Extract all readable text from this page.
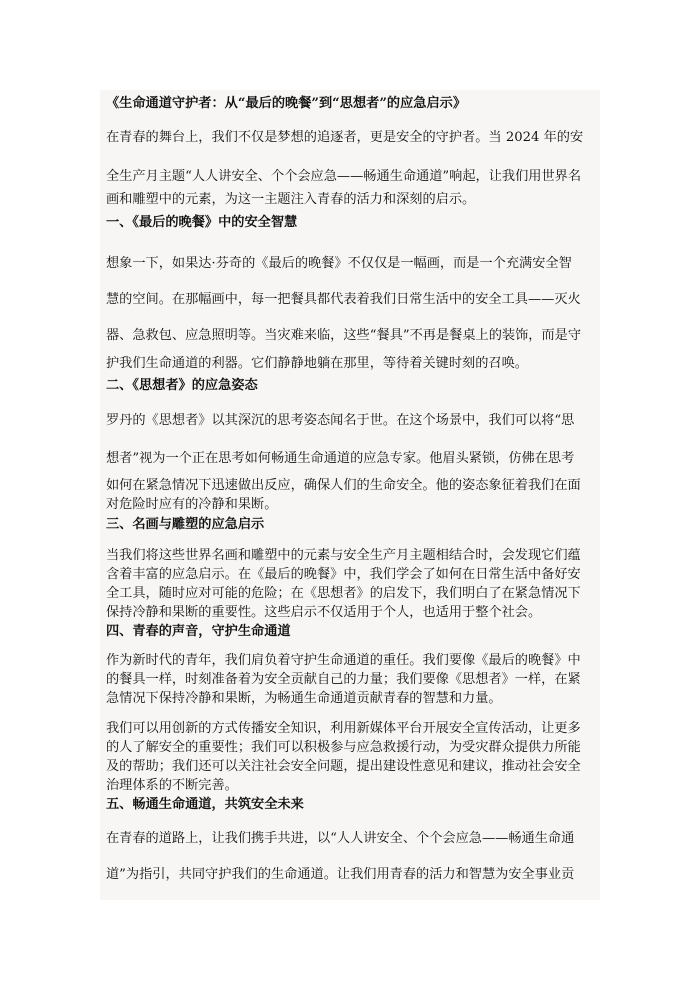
《生命通道守护者：从“最后的晚餐”到“思想者”的应急启示》
在青春的舞台上，我们不仅是梦想的追逐者，更是安全的守护者。当 2024 年的安
全生产月主题“人人讲安全、个个会应急——畅通生命通道”响起，让我们用世界名
画和雕塑中的元素，为这一主题注入青春的活力和深刻的启示。
一、《最后的晚餐》中的安全智慧
想象一下，如果达·芬奇的《最后的晚餐》不仅仅是一幅画，而是一个充满安全智
慧的空间。在那幅画中，每一把餐具都代表着我们日常生活中的安全工具——灭火
器、急救包、应急照明等。当灾难来临，这些“餐具”不再是餐桌上的装饰，而是守
护我们生命通道的利器。它们静静地躺在那里，等待着关键时刻的召唤。
二、《思想者》的应急姿态
罗丹的《思想者》以其深沉的思考姿态闻名于世。在这个场景中，我们可以将“思
想者”视为一个正在思考如何畅通生命通道的应急专家。他眉头紧锁，仿佛在思考
如何在紧急情况下迅速做出反应，确保人们的生命安全。他的姿态象征着我们在面
对危险时应有的冷静和果断。
三、名画与雕塑的应急启示
当我们将这些世界名画和雕塑中的元素与安全生产月主题相结合时，会发现它们蕴
含着丰富的应急启示。在《最后的晚餐》中，我们学会了如何在日常生活中备好安
全工具，随时应对可能的危险；在《思想者》的启发下，我们明白了在紧急情况下
保持冷静和果断的重要性。这些启示不仅适用于个人，也适用于整个社会。
四、青春的声音，守护生命通道
作为新时代的青年，我们肩负着守护生命通道的重任。我们要像《最后的晚餐》中
的餐具一样，时刻准备着为安全贡献自己的力量；我们要像《思想者》一样，在紧
急情况下保持冷静和果断，为畅通生命通道贡献青春的智慧和力量。
我们可以用创新的方式传播安全知识，利用新媒体平台开展安全宣传活动，让更多
的人了解安全的重要性；我们可以积极参与应急救援行动，为受灾群众提供力所能
及的帮助；我们还可以关注社会安全问题，提出建设性意见和建议，推动社会安全
治理体系的不断完善。
五、畅通生命通道，共筑安全未来
在青春的道路上，让我们携手共进，以“人人讲安全、个个会应急——畅通生命通
道”为指引，共同守护我们的生命通道。让我们用青春的活力和智慧为安全事业贡
